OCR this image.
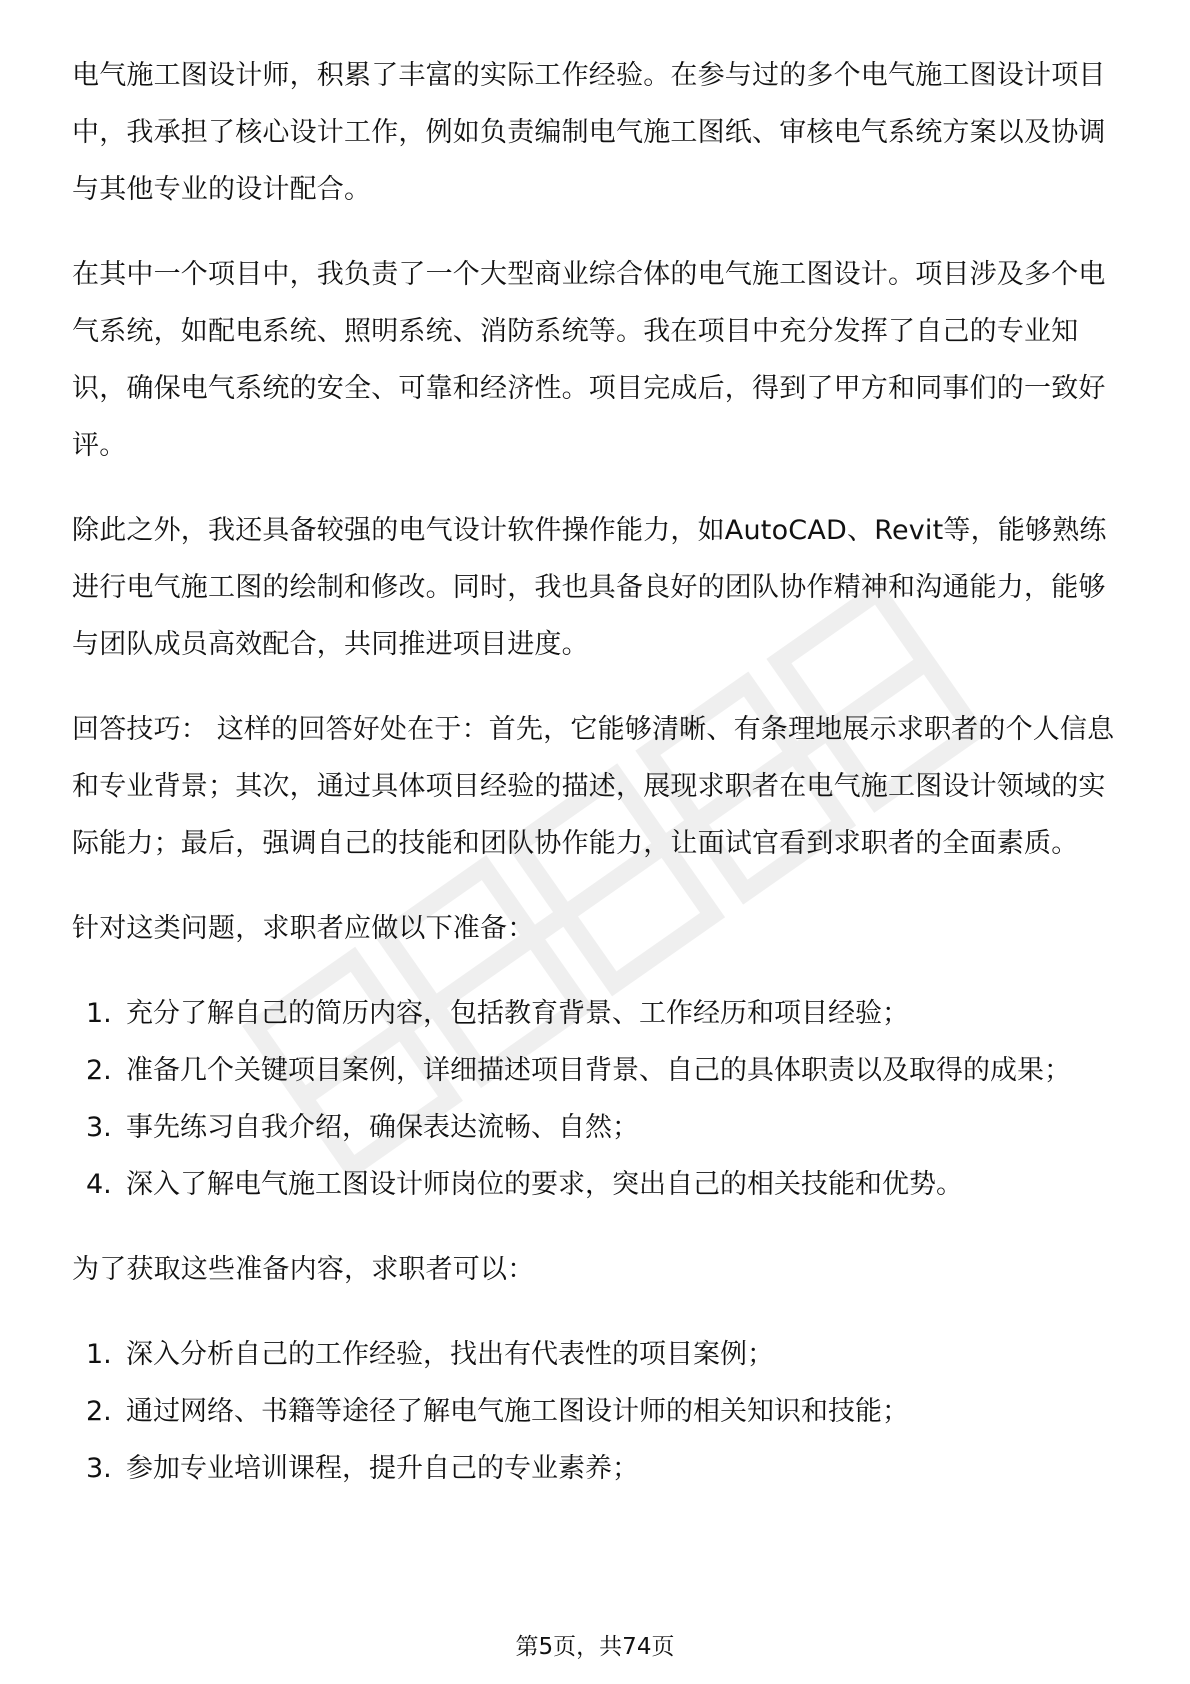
电气施工图设计师，积累了丰富的实际工作经验。在参与过的多个电气施工图设计项目中，我承担了核心设计工作，例如负责编制电气施工图纸、审核电气系统方案以及协调与其他专业的设计配合。

在其中一个项目中，我负责了一个大型商业综合体的电气施工图设计。项目涉及多个电气系统，如配电系统、照明系统、消防系统等。我在项目中充分发挥了自己的专业知识，确保电气系统的安全、可靠和经济性。项目完成后，得到了甲方和同事们的一致好评。

除此之外，我还具备较强的电气设计软件操作能力，如AutoCAD、Revit等，能够熟练进行电气施工图的绘制和修改。同时，我也具备良好的团队协作精神和沟通能力，能够与团队成员高效配合，共同推进项目进度。

回答技巧： 这样的回答好处在于：首先，它能够清晰、有条理地展示求职者的个人信息和专业背景；其次，通过具体项目经验的描述，展现求职者在电气施工图设计领域的实际能力；最后，强调自己的技能和团队协作能力，让面试官看到求职者的全面素质。

针对这类问题，求职者应做以下准备：

1. 充分了解自己的简历内容，包括教育背景、工作经历和项目经验；
2. 准备几个关键项目案例，详细描述项目背景、自己的具体职责以及取得的成果；
3. 事先练习自我介绍，确保表达流畅、自然；
4. 深入了解电气施工图设计师岗位的要求，突出自己的相关技能和优势。

为了获取这些准备内容，求职者可以：

1. 深入分析自己的工作经验，找出有代表性的项目案例；
2. 通过网络、书籍等途径了解电气施工图设计师的相关知识和技能；
3. 参加专业培训课程，提升自己的专业素养；
第5页，共74页
